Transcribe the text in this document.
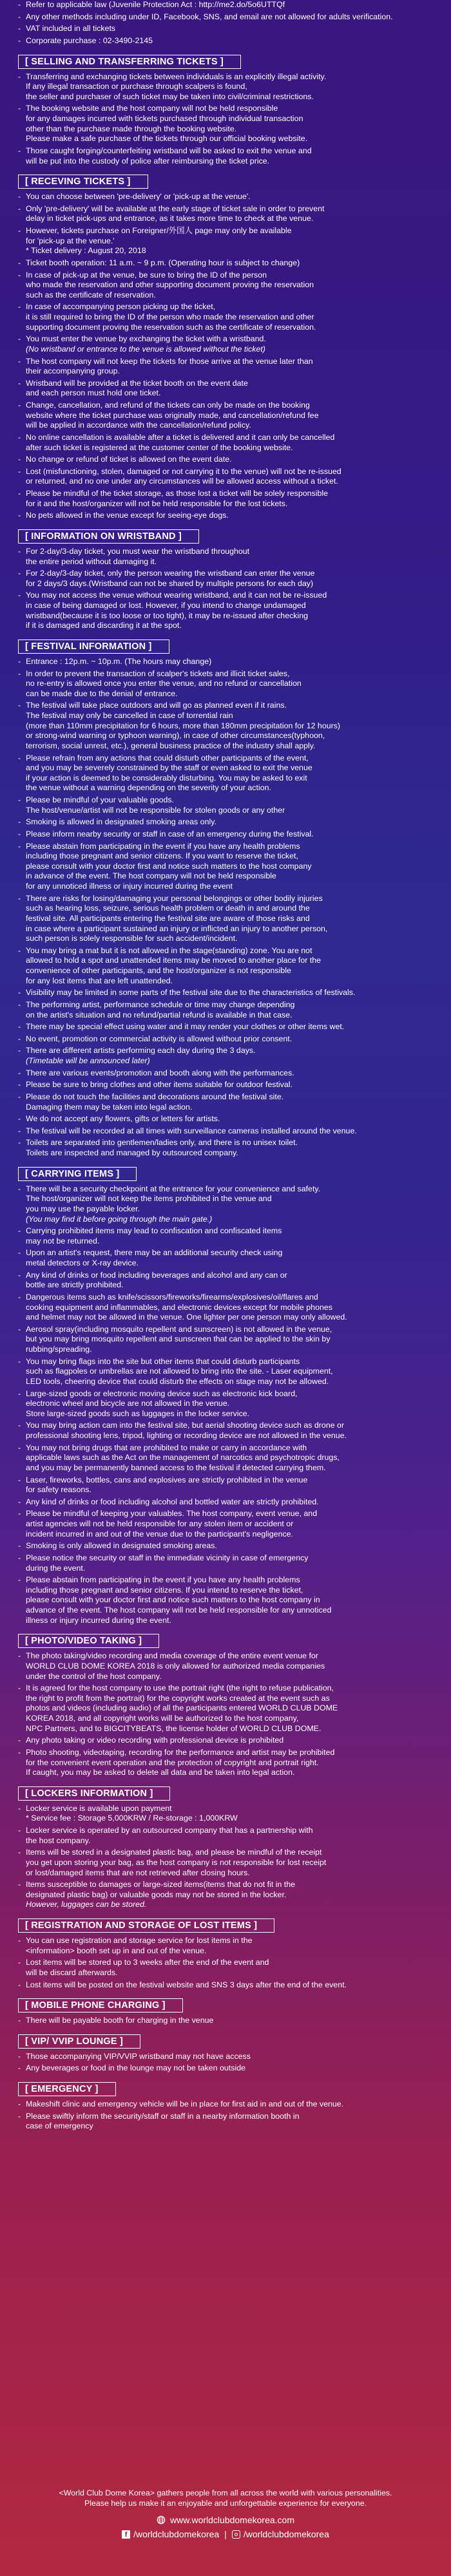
- Refer to applicable law (Juvenile Protection Act : http://me2.do/5o6UTTQf
- Any other methods including under ID, Facebook, SNS, and email are not allowed for adults verification.
- VAT included in all tickets
- Corporate purchase : 02-3490-2145
[ SELLING AND TRANSFERRING TICKETS ]
- Transferring and exchanging tickets between individuals is an explicitly illegal activity.
If any illegal transaction or purchase through scalpers is found,
the seller and purchaser of such ticket may be taken into civil/criminal restrictions.
- The booking website and the host company will not be held responsible
for any damages incurred with tickets purchased through individual transaction
other than the purchase made through the booking website.
Please make a safe purchase of the tickets through our official booking website.
- Those caught forging/counterfeiting wristband will be asked to exit the venue and
will be put into the custody of police after reimbursing the ticket price.
[ RECEVING TICKETS ]
- You can choose between 'pre-delivery' or 'pick-up at the venue'.
- Only 'pre-delivery' will be available at the early stage of ticket sale in order to prevent
delay in ticket pick-ups and entrance, as it takes more time to check at the venue.
- However, tickets purchase on Foreigner/外国人 page may only be available
for 'pick-up at the venue.'
* Ticket delivery : August 20, 2018
- Ticket booth operation: 11 a.m. ~ 9 p.m. (Operating hour is subject to change)
- In case of pick-up at the venue, be sure to bring the ID of the person
who made the reservation and other supporting document proving the reservation
such as the certificate of reservation.
- In case of accompanying person picking up the ticket,
it is still required to bring the ID of the person who made the reservation and other
supporting document proving the reservation such as the certificate of reservation.
- You must enter the venue by exchanging the ticket with a wristband.
(No wristband or entrance to the venue is allowed without the ticket)
- The host company will not keep the tickets for those arrive at the venue later than
their accompanying group.
- Wristband will be provided at the ticket booth on the event date
and each person must hold one ticket.
- Change, cancellation, and refund of the tickets can only be made on the booking
website where the ticket purchase was originally made, and cancellation/refund fee
will be applied in accordance with the cancellation/refund policy.
- No online cancellation is available after a ticket is delivered and it can only be cancelled
after such ticket is registered at the customer center of the booking website.
- No change or refund of ticket is allowed on the event date.
- Lost (misfunctioning, stolen, damaged or not carrying it to the venue) will not be re-issued
or returned, and no one under any circumstances will be allowed access without a ticket.
- Please be mindful of the ticket storage, as those lost a ticket will be solely responsible
for it and the host/organizer will not be held responsible for the lost tickets.
- No pets allowed in the venue except for seeing-eye dogs.
[ INFORMATION ON WRISTBAND ]
- For 2-day/3-day ticket, you must wear the wristband throughout
the entire period without damaging it.
- For 2-day/3-day ticket, only the person wearing the wristband can enter the venue
for 2 days/3 days.(Wristband can not be shared by multiple persons for each day)
- You may not access the venue without wearing wristband, and it can not be re-issued
in case of being damaged or lost. However, if you intend to change undamaged
wristband(because it is too loose or too tight), it may be re-issued after checking
if it is damaged and discarding it at the spot.
[ FESTIVAL INFORMATION ]
- Entrance : 12p.m. ~ 10p.m. (The hours may change)
- In order to prevent the transaction of scalper's tickets and illicit ticket sales,
no re-entry is allowed once you enter the venue, and no refund or cancellation
can be made due to the denial of entrance.
- The festival will take place outdoors and will go as planned even if it rains.
The festival may only be cancelled in case of torrential rain
(more than 110mm precipitation for 6 hours, more than 180mm precipitation for 12 hours)
or strong-wind warning or typhoon warning), in case of other circumstances(typhoon,
terrorism, social unrest, etc.), general business practice of the industry shall apply.
- Please refrain from any actions that could disturb other participants of the event,
and you may be severely constrained by the staff or even asked to exit the venue
if your action is deemed to be considerably disturbing. You may be asked to exit
the venue without a warning depending on the severity of your action.
- Please be mindful of your valuable goods.
The host/venue/artist will not be responsible for stolen goods or any other
- Smoking is allowed in designated smoking areas only.
- Please inform nearby security or staff in case of an emergency during the festival.
- Please abstain from participating in the event if you have any health problems
including those pregnant and senior citizens. If you want to reserve the ticket,
please consult with your doctor first and notice such matters to the host company
in advance of the event. The host company will not be held responsible
for any unnoticed illness or injury incurred during the event
- There are risks for losing/damaging your personal belongings or other bodily injuries
such as hearing loss, seizure, serious health problem or death in and around the
festival site. All participants entering the festival site are aware of those risks and
in case where a participant sustained an injury or inflicted an injury to another person,
such person is solely responsible for such accident/incident.
- You may bring a mat but it is not allowed in the stage(standing) zone. You are not
allowed to hold a spot and unattended items may be moved to another place for the
convenience of other participants, and the host/organizer is not responsible
for any lost items that are left unattended.
- Visibility may be limited in some parts of the festival site due to the characteristics of festivals.
- The performing artist, performance schedule or time may change depending
on the artist's situation and no refund/partial refund is available in that case.
- There may be special effect using water and it may render your clothes or other items wet.
- No event, promotion or commercial activity is allowed without prior consent.
- There are different artists performing each day during the 3 days.
(Timetable will be announced later)
- There are various events/promotion and booth along with the performances.
- Please be sure to bring clothes and other items suitable for outdoor festival.
- Please do not touch the facilities and decorations around the festival site.
Damaging them may be taken into legal action.
- We do not accept any flowers, gifts or letters for artists.
- The festival will be recorded at all times with surveillance cameras installed around the venue.
- Toilets are separated into gentlemen/ladies only, and there is no unisex toilet.
Toilets are inspected and managed by outsourced company.
[ CARRYING ITEMS ]
- There will be a security checkpoint at the entrance for your convenience and safety.
The host/organizer will not keep the items prohibited in the venue and
you may use the payable locker.
(You may find it before going through the main gate.)
- Carrying prohibited items may lead to confiscation and confiscated items
may not be returned.
- Upon an artist's request, there may be an additional security check using
metal detectors or X-ray device.
- Any kind of drinks or food including beverages and alcohol and any can or
bottle are strictly prohibited.
- Dangerous items such as knife/scissors/fireworks/firearms/explosives/oil/flares and
cooking equipment and inflammables, and electronic devices except for mobile phones
and helmet may not be allowed in the venue. One lighter per one person may only allowed.
- Aerosol spray(including mosquito repellent and sunscreen) is not allowed in the venue,
but you may bring mosquito repellent and sunscreen that can be applied to the skin by
rubbing/spreading.
- You may bring flags into the site but other items that could disturb participants
such as flagpoles or umbrellas are not allowed to bring into the site. - Laser equipment,
LED tools, cheering device that could disturb the effects on stage may not be allowed.
- Large-sized goods or electronic moving device such as electronic kick board,
electronic wheel and bicycle are not allowed in the venue.
Store large-sized goods such as luggages in the locker service.
- You may bring action cam into the festival site, but aerial shooting device such as drone or
professional shooting lens, tripod, lighting or recording device are not allowed in the venue.
- You may not bring drugs that are prohibited to make or carry in accordance with
applicable laws such as the Act on the management of narcotics and psychotropic drugs,
and you may be permanently banned access to the festival if detected carrying them.
- Laser, fireworks, bottles, cans and explosives are strictly prohibited in the venue
for safety reasons.
- Any kind of drinks or food including alcohol and bottled water are strictly prohibited.
- Please be mindful of keeping your valuables. The host company, event venue, and
artist agencies will not be held responsible for any stolen item or accident or
incident incurred in and out of the venue due to the participant's negligence.
- Smoking is only allowed in designated smoking areas.
- Please notice the security or staff in the immediate vicinity in case of emergency
during the event.
- Please abstain from participating in the event if you have any health problems
including those pregnant and senior citizens. If you intend to reserve the ticket,
please consult with your doctor first and notice such matters to the host company in
advance of the event. The host company will not be held responsible for any unnoticed
illness or injury incurred during the event.
[ PHOTO/VIDEO TAKING ]
- The photo taking/video recording and media coverage of the entire event venue for
WORLD CLUB DOME KOREA 2018 is only allowed for authorized media companies
under the control of the host company.
- It is agreed for the host company to use the portrait right (the right to refuse publication,
the right to profit from the portrait) for the copyright works created at the event such as
photos and videos (including audio) of all the participants entered WORLD CLUB DOME
KOREA 2018, and all copyright works will be authorized to the host company,
NPC Partners, and to BIGCITYBEATS, the license holder of WORLD CLUB DOME.
- Any photo taking or video recording with professional device is prohibited
- Photo shooting, videotaping, recording for the performance and artist may be prohibited
for the convenient event operation and the protection of copyright and portrait right.
If caught, you may be asked to delete all data and be taken into legal action.
[ LOCKERS INFORMATION ]
- Locker service is available upon payment
* Service fee : Storage 5,000KRW / Re-storage : 1,000KRW
- Locker service is operated by an outsourced company that has a partnership with
the host company.
- Items will be stored in a designated plastic bag, and please be mindful of the receipt
you get upon storing your bag, as the host company is not responsible for lost receipt
or lost/damaged items that are not retrieved after closing hours.
- Items susceptible to damages or large-sized items(items that do not fit in the
designated plastic bag) or valuable goods may not be stored in the locker.
However, luggages can be stored.
[ REGISTRATION AND STORAGE OF LOST ITEMS ]
- You can use registration and storage service for lost items in the
<information> booth set up in and out of the venue.
- Lost items will be stored up to 3 weeks after the end of the event and
will be discard afterwards.
- Lost items will be posted on the festival website and SNS 3 days after the end of the event.
[ MOBILE PHONE CHARGING ]
- There will be payable booth for charging in the venue
[ VIP/ VVIP LOUNGE ]
- Those accompanying VIP/VVIP wristband may not have access
- Any beverages or food in the lounge may not be taken outside
[ EMERGENCY ]
- Makeshift clinic and emergency vehicle will be in place for first aid in and out of the venue.
- Please swiftly inform the security/staff or staff in a nearby information booth in
case of emergency
<World Club Dome Korea> gathers people from all across the world with various personalities.
Please help us make it an enjoyable and unforgettable experience for everyone.
www.worldclubdomekorea.com
f /worldclubdomekorea | /worldclubdomekorea
